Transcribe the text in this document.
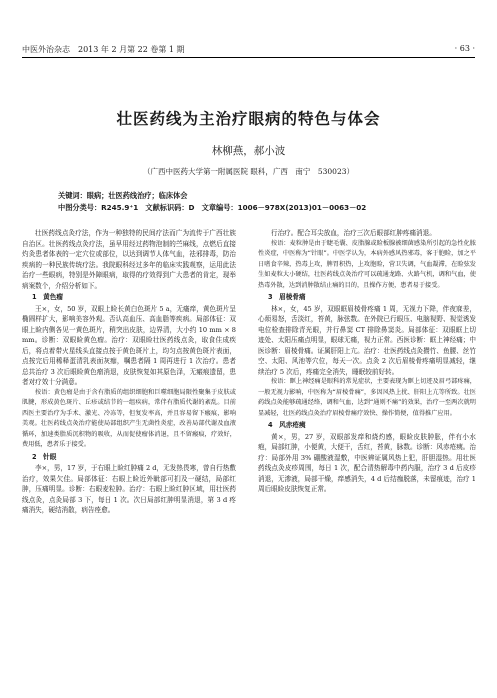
中医外治杂志　2013 年 2 月第 22 卷第 1 期	· 63 ·
壮医药线为主治疗眼病的特色与体会
林柳燕，郝小波
（广西中医药大学第一附属医院 眼科，广西　南宁　530023）
关键词：眼病；壮医药线治疗；临床体会
中图分类号：R245.9⁺1　文献标识码：D　文章编号：1006－978X(2013)01－0063－02

壮医药线点灸疗法，作为一种独特的民间疗法而广为流传于广西壮族自治区。壮医药线点灸疗法，虽早用经过药物泡制的苎麻线，点燃后直接灼灸患者体表的一定穴位或部位，以达到调节人体气血，祛邪排毒，防治疾病的一种民族传统疗法。我院眼科经过多年的临床实践观察，运用此法治疗一些眼病，特别是外障眼病，取得的疗效得到广大患者的肯定，现举病案数个，介绍分析如下。

1　黄色瘤

王×，女，50 岁，双眼上睑长黄白色斑片 5 a，无瘙痒，黄色斑片呈椭圆样扩大，影响美容外观。否认高血压、高血脂等疾病。局部体征：双眼上睑内侧各见一黄色斑片，稍突出皮肤，边界清，大小约 10 mm × 8 mm。诊断：双眼睑黄色瘤。治疗：双眼睑壮医药线点灸，取食住成疾后，将点着带火星线头直接点按于黄色斑片上，均匀点按黄色斑片表面，点按完后用稀释蛋清乳表面灰痂，嘱患者隔 1 周再进行 1 次治疗。患者总共治疗 3 次后眼睑黄色瘤消退，皮肤恢复如其原色泽，无瘢痕遗留，患者对疗效十分满意。

按语：黄色瘤是由于含有脂质的组织细胞和巨噬细胞局限性聚集于皮肤或肌腱，形成黄色斑片、丘疹或结节的一组疾病，常伴有脂质代谢的紊乱。目前西医主要治疗为手术、激光、冷冻等，但复发率高，并且容易留下瘢痕，影响美观。壮医药线点灸治疗能使局部组织产生无菌性炎症，改善局部代谢及血液循环，加速类脂质沉积物的吸收，从而促使瘤体消退，且不留瘢痕，疗效好，费用低，患者乐于接受。

2　针眼

李×，男，17 岁，于右眼上睑红肿痛 2 d，无发热畏寒，曾自行热敷治疗，效果欠佳。局部体征：右眼上睑近外眦部可扪及一硬结，局部红肿，压痛明显。诊断：右眼麦粒肿。治疗：右眼上睑红肿区域，用壮医药线点灸，点灸局部 3 下，每日 1 次。次日局部红肿明显消退，第 3 d 疼痛消失，硬结消散，病告痊愈。

行治疗。配合耳尖放血，治疗三次后眼部红肿疼痛消退。

按语：麦粒肿是由于睫毛囊、皮脂腺或睑板腺被细菌感染所引起的急性化脓性炎症，中医称为“针眼”。中医学认为，本病外感风热邪毒，客于胞睑，加之平日嗜食辛辣，热毒上攻，脾胃积热，上攻胞睑，营卫失调，气血凝滞，在睑弦发生如麦粒大小硬结，壮医药线点灸治疗可以疏通龙路、火路气机，调和气血，使热毒外散，达到消肿散结止痛的目的，且操作方便，患者易于接受。

3　眉棱骨痛

林×，女，45 岁，双眼眶眉棱骨疼痛 1 周，无视力下降，伴夜寐差，心烦易怒，舌淡红，苔黄，脉弦数。在外院已行眼压、电脑视野、视觉诱发电位检查排除青光眼，并行鼻窦 CT 排除鼻窦炎。局部体征：双眼眶上切迹处、太阳压痛点明显，眼球无痛，视力正常。西医诊断：眶上神经痛；中医诊断：眉棱骨痛。证属肝阳上亢。治疗：壮医药线点灸攒竹、鱼腰、丝竹空、太阳、风池等穴位，每天一次。点灸 2 次后眉棱骨疼痛明显减轻，继续治疗 5 次后，疼痛完全消失，睡眠较前好转。

按语：眶上神经痛是眼科的常见症状，主要表现为眶上切迹及眉弓部疼痛，一般无视力影响，中医称为“眉棱骨痛”，多因风热上扰、肝阳上亢等所致。壮医药线点灸能够疏通经络，调和气血，达到“通则不痛”的效果，治疗一至两次就明显减轻，壮医药线点灸治疗眉棱骨痛疗效快、操作简便，值得推广应用。

4　风赤疮痍

黄×，男，27 岁，双眼部发痒和烧灼感，眼睑皮肤肿胀，伴有小水疱，局部红肿，小便黄，大便干，舌红，苔黄，脉数。诊断：风赤疮痍。治疗：局部外用 3% 硼酸液湿敷，中医辨证属风热上犯，肝胆湿热。用壮医药线点灸皮疹周围，每日 1 次，配合清热解毒中药内服，治疗 3 d 后皮疹消退，无渗液，局部干燥，痒感消失，4 d 后结痂脱落，未留痕迹，治疗 1 周后眼睑皮肤恢复正常。
